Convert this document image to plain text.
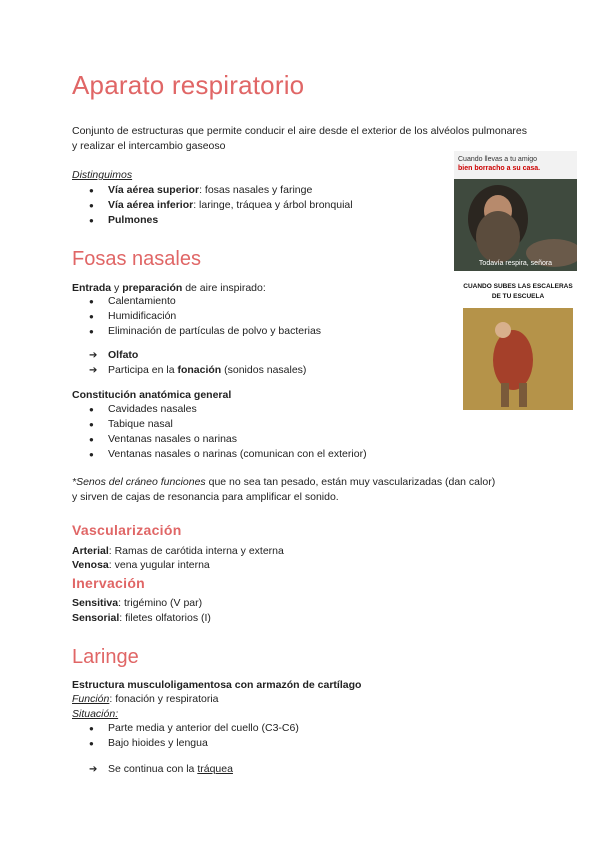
Aparato respiratorio
Conjunto de estructuras que permite conducir el aire desde el exterior de los alvéolos pulmonares y realizar el intercambio gaseoso
Distinguimos
● Vía aérea superior: fosas nasales y faringe
● Vía aérea inferior: laringe, tráquea y árbol bronquial
● Pulmones
Cuando llevas a tu amigo
bien borracho a su casa.
Todavía respira, señora
Fosas nasales
Entrada y preparación de aire inspirado:
● Calentamiento
● Humidificación
● Eliminación de partículas de polvo y bacterias
➔ Olfato
➔ Participa en la fonación (sonidos nasales)
CUANDO SUBES LAS ESCALERAS
DE TU ESCUELA
Constitución anatómica general
● Cavidades nasales
● Tabique nasal
● Ventanas nasales o narinas
● Ventanas nasales o narinas (comunican con el exterior)
*Senos del cráneo funciones que no sea tan pesado, están muy vascularizadas (dan calor)
y sirven de cajas de resonancia para amplificar el sonido.
Vascularización
Arterial: Ramas de carótida interna y externa
Venosa: vena yugular interna
Inervación
Sensitiva: trigémino (V par)
Sensorial: filetes olfatorios (I)
Laringe
Estructura musculoligamentosa con armazón de cartílago
Función: fonación y respiratoria
Situación:
● Parte media y anterior del cuello (C3-C6)
● Bajo hioides y lengua
➔ Se continua con la tráquea
